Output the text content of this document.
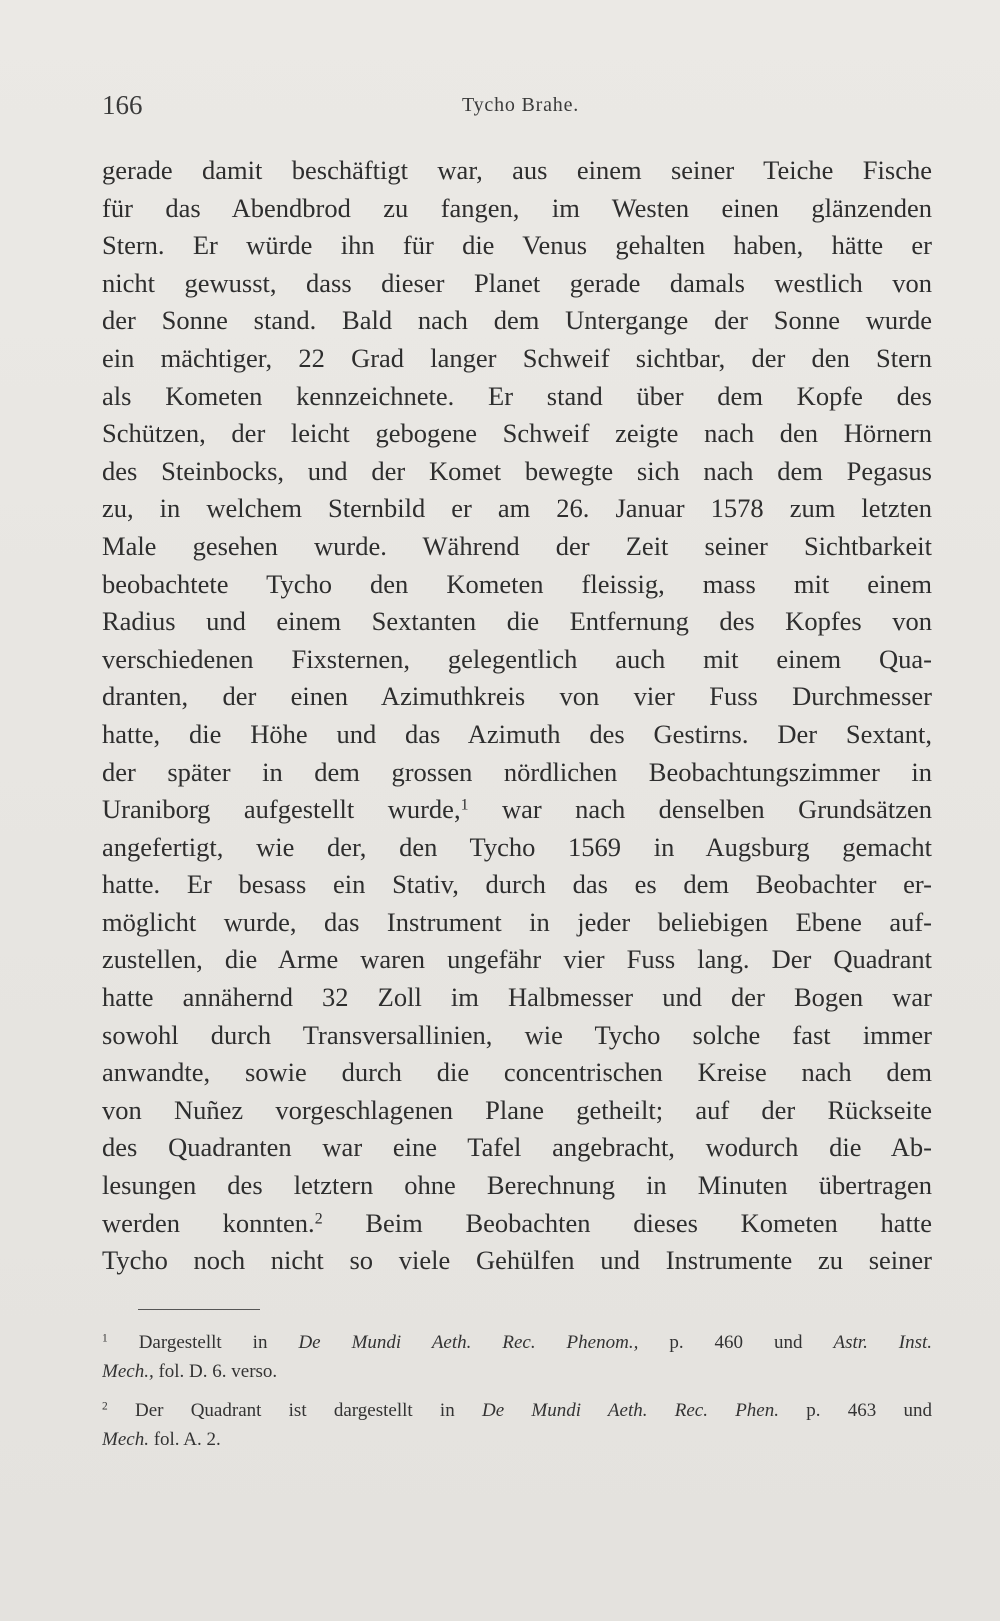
166	Tycho Brahe.
gerade damit beschäftigt war, aus einem seiner Teiche Fische
für das Abendbrod zu fangen, im Westen einen glänzenden
Stern. Er würde ihn für die Venus gehalten haben, hätte er
nicht gewusst, dass dieser Planet gerade damals westlich von
der Sonne stand. Bald nach dem Untergange der Sonne wurde
ein mächtiger, 22 Grad langer Schweif sichtbar, der den Stern
als Kometen kennzeichnete. Er stand über dem Kopfe des
Schützen, der leicht gebogene Schweif zeigte nach den Hörnern
des Steinbocks, und der Komet bewegte sich nach dem Pegasus
zu, in welchem Sternbild er am 26. Januar 1578 zum letzten
Male gesehen wurde. Während der Zeit seiner Sichtbarkeit
beobachtete Tycho den Kometen fleissig, mass mit einem
Radius und einem Sextanten die Entfernung des Kopfes von
verschiedenen Fixsternen, gelegentlich auch mit einem Qua-
dranten, der einen Azimuthkreis von vier Fuss Durchmesser
hatte, die Höhe und das Azimuth des Gestirns. Der Sextant,
der später in dem grossen nördlichen Beobachtungszimmer in
Uraniborg aufgestellt wurde,$^1$ war nach denselben Grundsätzen
angefertigt, wie der, den Tycho 1569 in Augsburg gemacht
hatte. Er besass ein Stativ, durch das es dem Beobachter er-
möglicht wurde, das Instrument in jeder beliebigen Ebene auf-
zustellen, die Arme waren ungefähr vier Fuss lang. Der Quadrant
hatte annähernd 32 Zoll im Halbmesser und der Bogen war
sowohl durch Transversallinien, wie Tycho solche fast immer
anwandte, sowie durch die concentrischen Kreise nach dem
von Nuñez vorgeschlagenen Plane getheilt; auf der Rückseite
des Quadranten war eine Tafel angebracht, wodurch die Ab-
lesungen des letztern ohne Berechnung in Minuten übertragen
werden konnten.$^2$ Beim Beobachten dieses Kometen hatte
Tycho noch nicht so viele Gehülfen und Instrumente zu seiner
$^1$ Dargestellt in De Mundi Aeth. Rec. Phenom., p. 460 und Astr. Inst.
Mech., fol. D. 6. verso.
$^2$ Der Quadrant ist dargestellt in De Mundi Aeth. Rec. Phen. p. 463 und
Mech. fol. A. 2.
